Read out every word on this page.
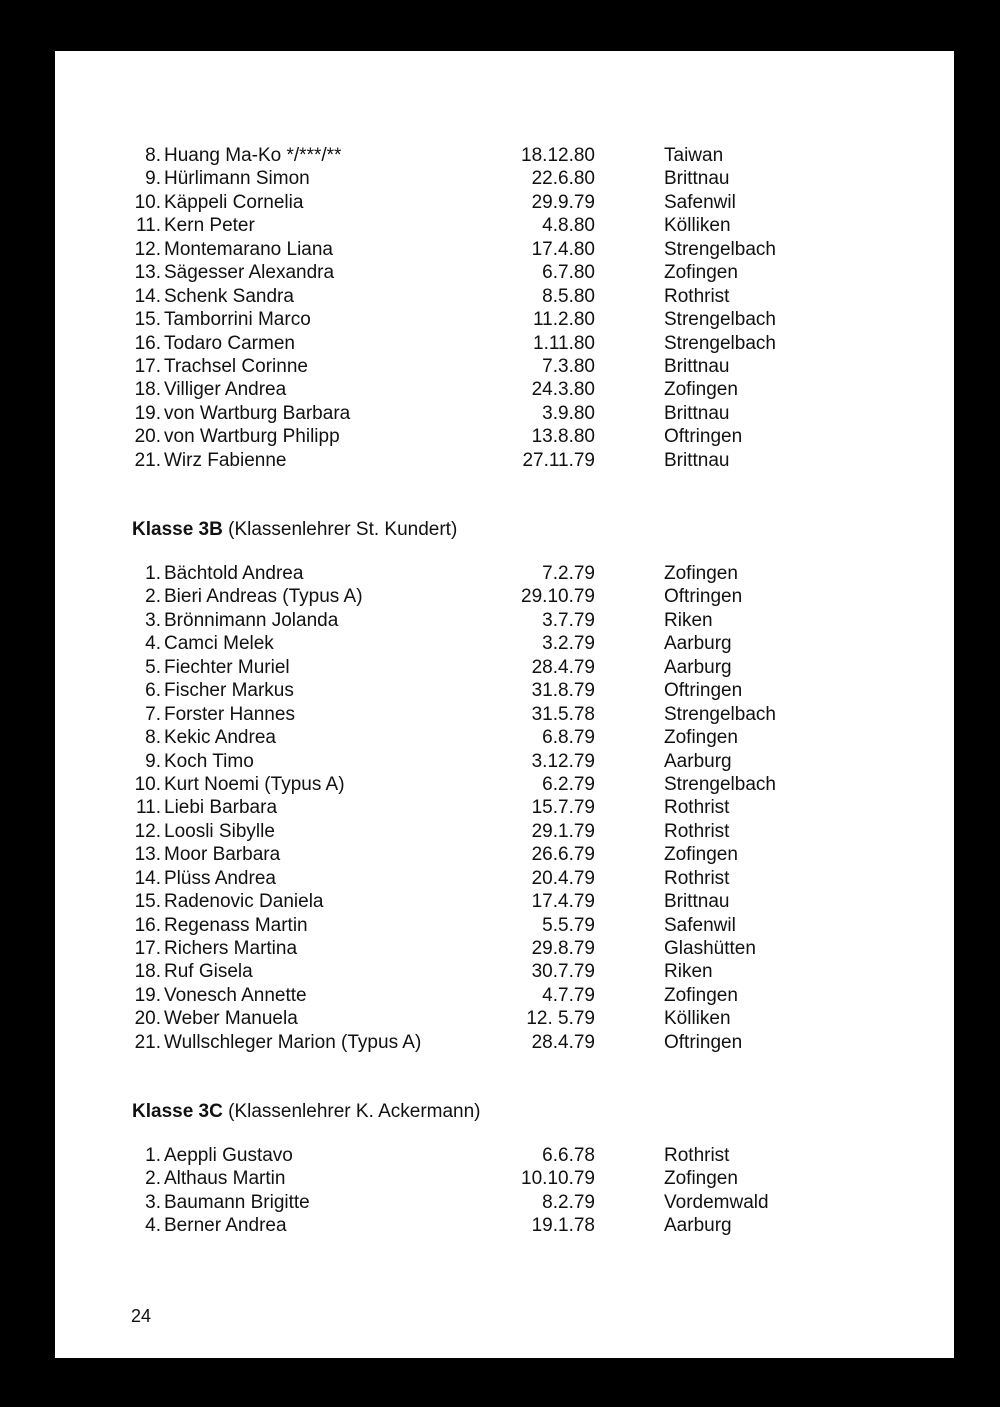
8. Huang Ma-Ko */***/**	18.12.80	Taiwan
9. Hürlimann Simon	22.6.80	Brittnau
10. Käppeli Cornelia	29.9.79	Safenwil
11. Kern Peter	4.8.80	Kölliken
12. Montemarano Liana	17.4.80	Strengelbach
13. Sägesser Alexandra	6.7.80	Zofingen
14. Schenk Sandra	8.5.80	Rothrist
15. Tamborrini Marco	11.2.80	Strengelbach
16. Todaro Carmen	1.11.80	Strengelbach
17. Trachsel Corinne	7.3.80	Brittnau
18. Villiger Andrea	24.3.80	Zofingen
19. von Wartburg Barbara	3.9.80	Brittnau
20. von Wartburg Philipp	13.8.80	Oftringen
21. Wirz Fabienne	27.11.79	Brittnau
Klasse 3B (Klassenlehrer St. Kundert)
1. Bächtold Andrea	7.2.79	Zofingen
2. Bieri Andreas (Typus A)	29.10.79	Oftringen
3. Brönnimann Jolanda	3.7.79	Riken
4. Camci Melek	3.2.79	Aarburg
5. Fiechter Muriel	28.4.79	Aarburg
6. Fischer Markus	31.8.79	Oftringen
7. Forster Hannes	31.5.78	Strengelbach
8. Kekic Andrea	6.8.79	Zofingen
9. Koch Timo	3.12.79	Aarburg
10. Kurt Noemi (Typus A)	6.2.79	Strengelbach
11. Liebi Barbara	15.7.79	Rothrist
12. Loosli Sibylle	29.1.79	Rothrist
13. Moor Barbara	26.6.79	Zofingen
14. Plüss Andrea	20.4.79	Rothrist
15. Radenovic Daniela	17.4.79	Brittnau
16. Regenass Martin	5.5.79	Safenwil
17. Richers Martina	29.8.79	Glashütten
18. Ruf Gisela	30.7.79	Riken
19. Vonesch Annette	4.7.79	Zofingen
20. Weber Manuela	12. 5.79	Kölliken
21. Wullschleger Marion (Typus A)	28.4.79	Oftringen
Klasse 3C (Klassenlehrer K. Ackermann)
1. Aeppli Gustavo	6.6.78	Rothrist
2. Althaus Martin	10.10.79	Zofingen
3. Baumann Brigitte	8.2.79	Vordemwald
4. Berner Andrea	19.1.78	Aarburg
24
